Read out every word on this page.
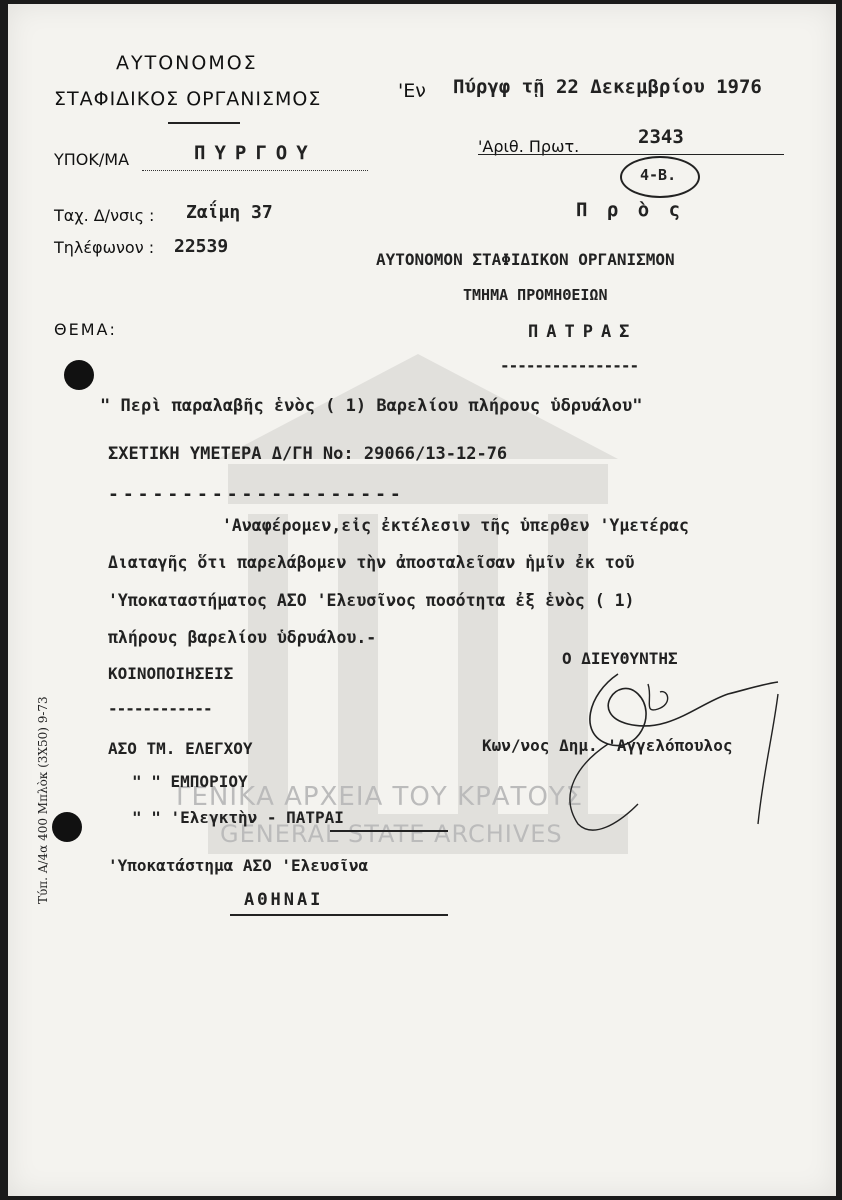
ΓΕΝΙΚΑ ΑΡΧΕΙΑ ΤΟΥ ΚΡΑΤΟΥΣ
GENERAL STATE ARCHIVES
ΑΥΤΟΝΟΜΟΣ
ΣΤΑΦΙΔΙΚΟΣ ΟΡΓΑΝΙΣΜΟΣ
ΥΠΟΚ/ΜΑ	ΠΥΡΓΟΥ
Ταχ. Δ/νσις : Ζαΐμη 37
Τηλέφωνον : 22539
ΘΕΜΑ:
'Εν Πύργφ τῇ 22 Δεκεμβρίου 1976
'Αριθ. Πρωτ.	2343
4-Β.
Π ρ ὸ ς
ΑΥΤΟΝΟΜΟΝ ΣΤΑΦΙΔΙΚΟΝ ΟΡΓΑΝΙΣΜΟΝ
ΤΜΗΜΑ ΠΡΟΜΗΘΕΙΩΝ
ΠΑΤΡΑΣ
----------------
" Περὶ παραλαβῆς ἑνὸς ( 1) Βαρελίου πλήρους ὑδρυάλου"
ΣΧΕΤΙΚΗ ΥΜΕΤΕΡΑ Δ/ΓΗ Νο: 29066/13-12-76
--------------------
'Αναφέρομεν,εἰς ἐκτέλεσιν τῆς ὑπερθεν 'Υμετέρας
Διαταγῆς ὅτι παρελάβομεν τὴν ἀποσταλεῖσαν ἡμῖν ἐκ τοῦ
'Υποκαταστήματος ΑΣΟ 'Ελευσῖνος ποσότητα ἐξ ἑνὸς ( 1)
πλήρους βαρελίου ὑδρυάλου.-
Ο ΔΙΕΥΘΥΝΤΗΣ
Κων/νος Δημ. 'Αγγελόπουλος
ΚΟΙΝΟΠΟΙΗΣΕΙΣ
------------
ΑΣΟ ΤΜ. ΕΛΕΓΧΟΥ
" " ΕΜΠΟΡΙΟΥ
" " 'Ελεγκτὴν - ΠΑΤΡΑΙ
'Υποκατάστημα ΑΣΟ 'Ελευσῖνα
ΑΘΗΝΑΙ
Τύπ. Α/4α 400 Μπλὸκ (3Χ50) 9-73
